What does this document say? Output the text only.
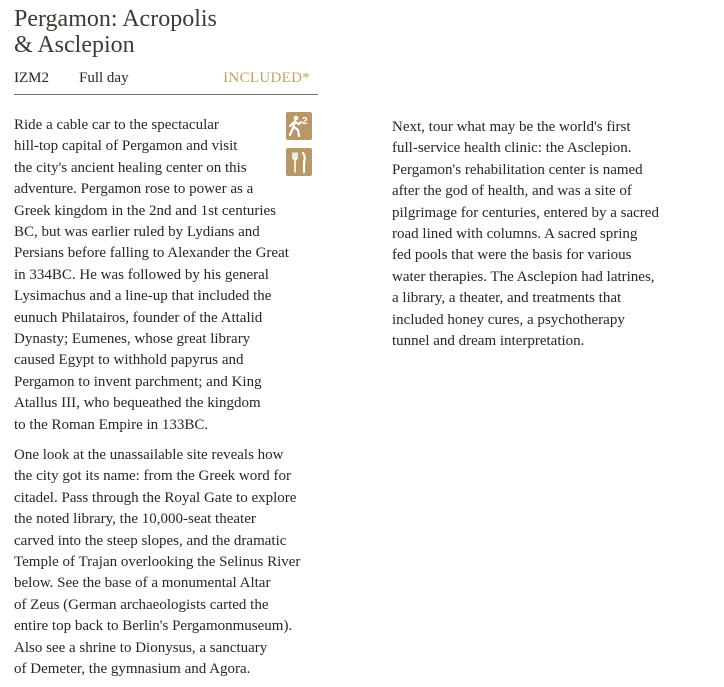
Pergamon: Acropolis
& Asclepion
IZM2 Full day	INCLUDED*
2
Ride a cable car to the spectacular
hill-top capital of Pergamon and visit
the city's ancient healing center on this
adventure. Pergamon rose to power as a
Greek kingdom in the 2nd and 1st centuries
BC, but was earlier ruled by Lydians and
Persians before falling to Alexander the Great
in 334BC. He was followed by his general
Lysimachus and a line-up that included the
eunuch Philatairos, founder of the Attalid
Dynasty; Eumenes, whose great library
caused Egypt to withhold papyrus and
Pergamon to invent parchment; and King
Atallus III, who bequeathed the kingdom
to the Roman Empire in 133BC.
One look at the unassailable site reveals how
the city got its name: from the Greek word for
citadel. Pass through the Royal Gate to explore
the noted library, the 10,000-seat theater
carved into the steep slopes, and the dramatic
Temple of Trajan overlooking the Selinus River
below. See the base of a monumental Altar
of Zeus (German archaeologists carted the
entire top back to Berlin's Pergamonmuseum).
Also see a shrine to Dionysus, a sanctuary
of Demeter, the gymnasium and Agora.
Next, tour what may be the world's first
full-service health clinic: the Asclepion.
Pergamon's rehabilitation center is named
after the god of health, and was a site of
pilgrimage for centuries, entered by a sacred
road lined with columns. A sacred spring
fed pools that were the basis for various
water therapies. The Asclepion had latrines,
a library, a theater, and treatments that
included honey cures, a psychotherapy
tunnel and dream interpretation.
